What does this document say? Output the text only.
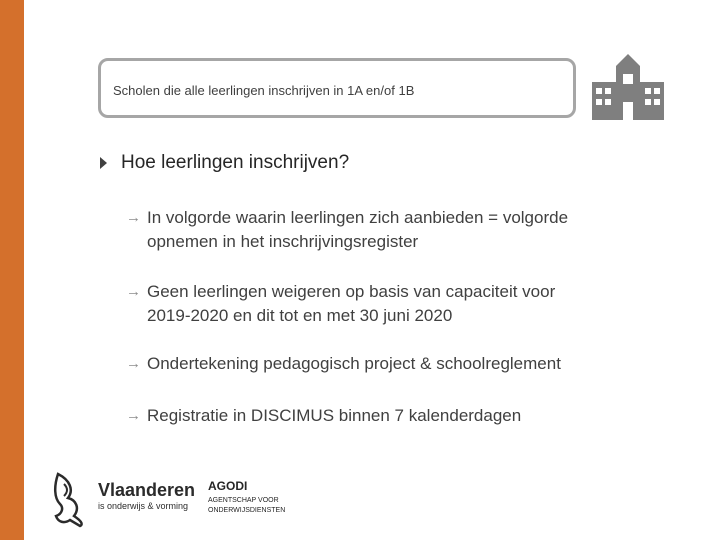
Scholen die alle leerlingen inschrijven in 1A en/of 1B
Hoe leerlingen inschrijven?
→ In volgorde waarin leerlingen zich aanbieden = volgorde
opnemen in het inschrijvingsregister
→ Geen leerlingen weigeren op basis van capaciteit voor
2019-2020 en dit tot en met 30 juni 2020
→ Ondertekening pedagogisch project & schoolreglement
→ Registratie in DISCIMUS binnen 7 kalenderdagen
Vlaanderen
is onderwijs & vorming
AGODI
AGENTSCHAP VOOR
ONDERWIJSDIENSTEN
